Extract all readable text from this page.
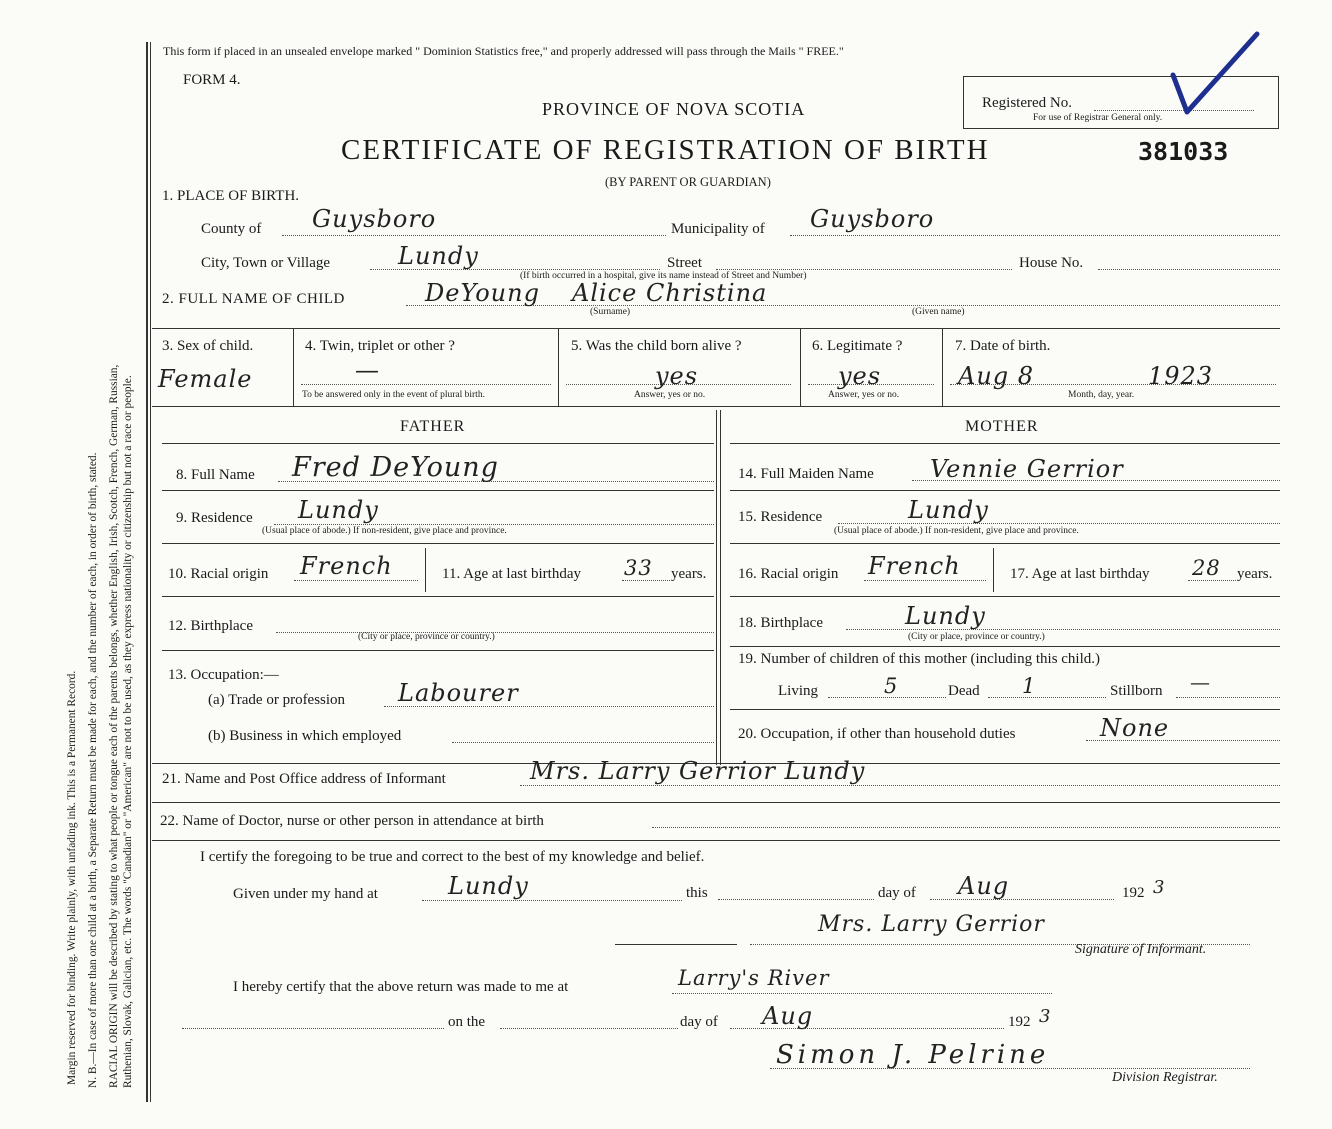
Margin reserved for binding. Write plainly, with unfading ink. This is a Permanent Record. N. B.—In case of more than one child at a birth, a Separate Return must be made for each, and the number of each, in order of birth, stated. RACIAL ORIGIN will be described by stating to what people or tongue each of the parents belongs, whether English, Irish, Scotch, French, German, Russian, Ruthenian, Slovak, Galician, etc. The words "Canadian" or "American" are not to be used, as they express nationality or citizenship but not a race or people.
This form if placed in an unsealed envelope marked " Dominion Statistics free," and properly addressed will pass through the Mails " FREE."
FORM 4.
PROVINCE OF NOVA SCOTIA
CERTIFICATE OF REGISTRATION OF BIRTH
(BY PARENT OR GUARDIAN)
381033
Registered No.
For use of Registrar General only.
1. PLACE OF BIRTH.
County of Guysboro	Municipality of Guysboro
City, Town or Village	Lundy	Street
(If birth occurred in a hospital, give its name instead of Street and Number)
House No.
2. FULL NAME OF CHILD	DeYoung Alice Christina
(Surname)	(Given name)
3. Sex of child.
Female
4. Twin, triplet or other ?
—
To be answered only in the event of plural birth.
5. Was the child born alive ?
yes
Answer, yes or no.
6. Legitimate ?
yes
Answer, yes or no.
7. Date of birth.
Aug 8	1923
Month, day, year.
FATHER	MOTHER
8. Full Name Fred DeYoung
9. Residence Lundy
(Usual place of abode.) If non-resident, give place and province.
10. Racial origin French	11. Age at last birthday 33 years.
12. Birthplace
(City or place, province or country.)
13. Occupation:—
(a) Trade or profession Labourer
(b) Business in which employed
14. Full Maiden Name Vennie Gerrior
15. Residence	Lundy
(Usual place of abode.) If non-resident, give place and province.
16. Racial origin French	17. Age at last birthday 28 years.
18. Birthplace	Lundy
(City or place, province or country.)
19. Number of children of this mother (including this child.)
Living	5	Dead 1	Stillborn —
20. Occupation, if other than household duties	None
21. Name and Post Office address of Informant	Mrs. Larry Gerrior Lundy
22. Name of Doctor, nurse or other person in attendance at birth
I certify the foregoing to be true and correct to the best of my knowledge and belief.
Given under my hand at	Lundy	this	day of Aug	192 3
Mrs. Larry Gerrior
Signature of Informant.
I hereby certify that the above return was made to me at	Larry's River
on the	day of Aug	192 3
Simon J. Pelrine
Division Registrar.
